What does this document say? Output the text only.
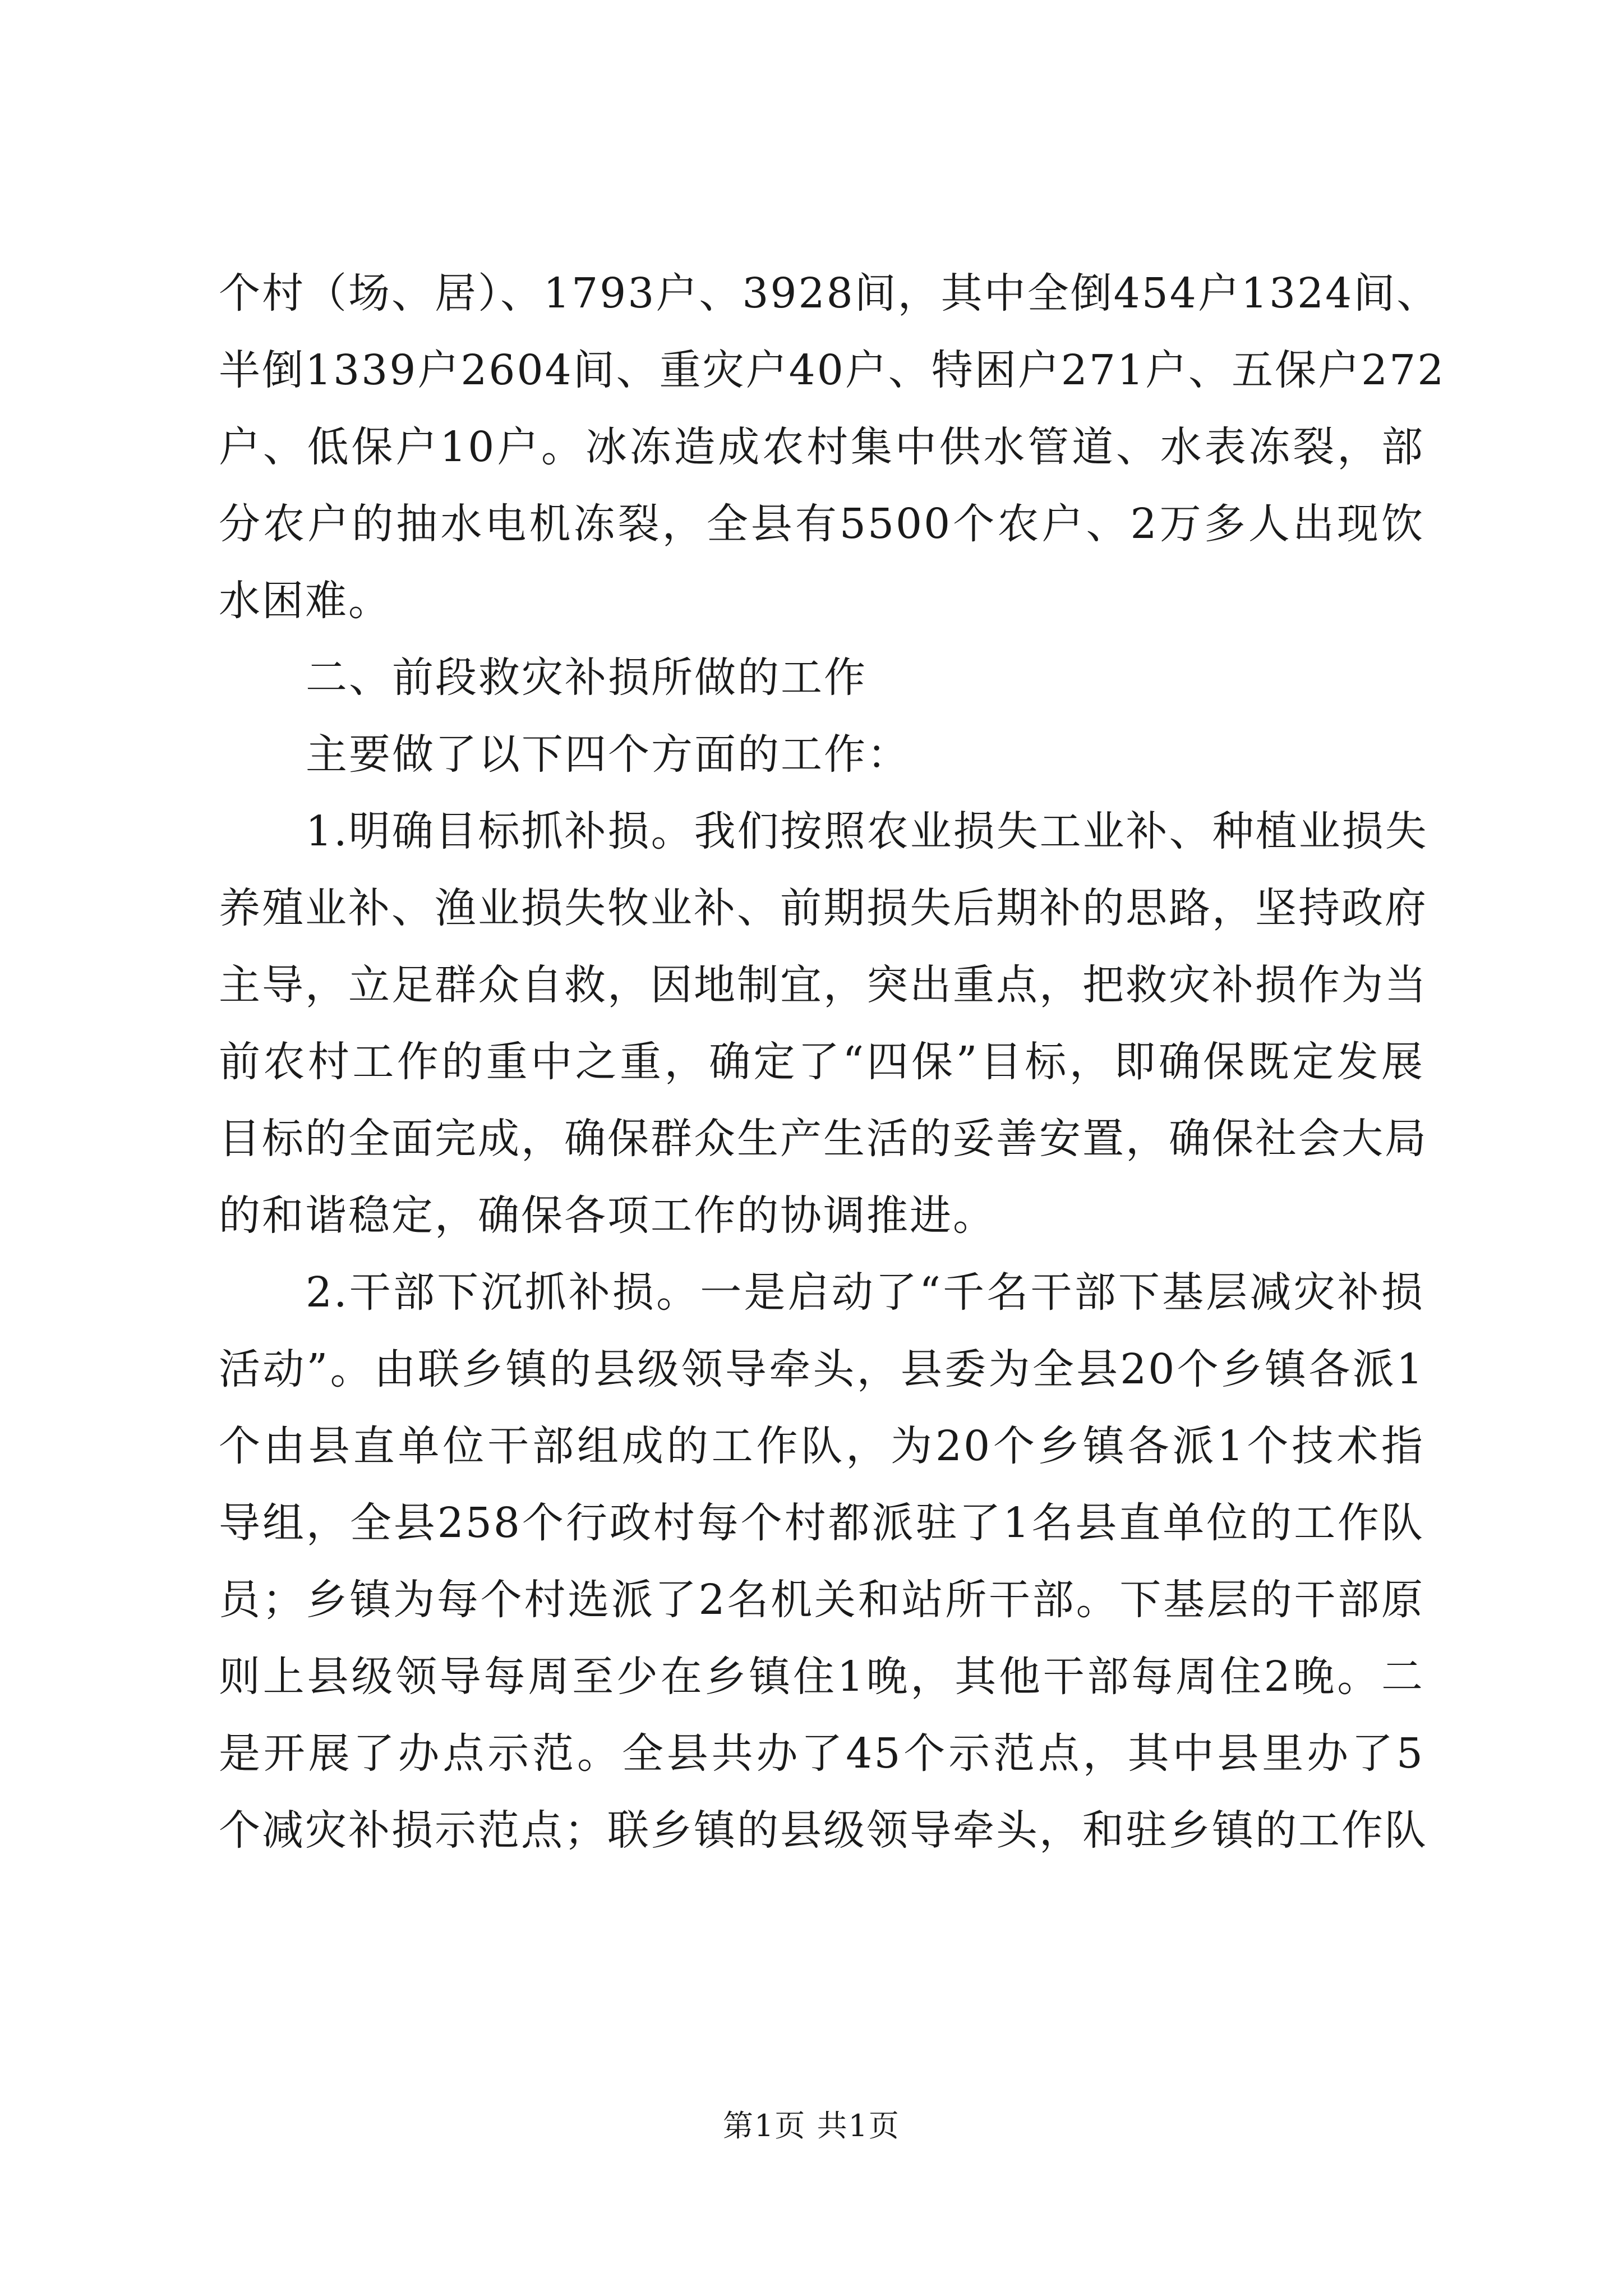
个村（场、居）、1793户、3928间，其中全倒454户1324间、
半倒1339户2604间、重灾户40户、特困户271户、五保户272
户、低保户10户。冰冻造成农村集中供水管道、水表冻裂，部
分农户的抽水电机冻裂，全县有5500个农户、2万多人出现饮
水困难。
二、前段救灾补损所做的工作
主要做了以下四个方面的工作：
1.明确目标抓补损。我们按照农业损失工业补、种植业损失
养殖业补、渔业损失牧业补、前期损失后期补的思路，坚持政府
主导，立足群众自救，因地制宜，突出重点，把救灾补损作为当
前农村工作的重中之重，确定了“四保”目标，即确保既定发展
目标的全面完成，确保群众生产生活的妥善安置，确保社会大局
的和谐稳定，确保各项工作的协调推进。
2.干部下沉抓补损。一是启动了“千名干部下基层减灾补损
活动”。由联乡镇的县级领导牵头，县委为全县20个乡镇各派1
个由县直单位干部组成的工作队，为20个乡镇各派1个技术指
导组，全县258个行政村每个村都派驻了1名县直单位的工作队
员；乡镇为每个村选派了2名机关和站所干部。下基层的干部原
则上县级领导每周至少在乡镇住1晚，其他干部每周住2晚。二
是开展了办点示范。全县共办了45个示范点，其中县里办了5
个减灾补损示范点；联乡镇的县级领导牵头，和驻乡镇的工作队
第1页 共1页
